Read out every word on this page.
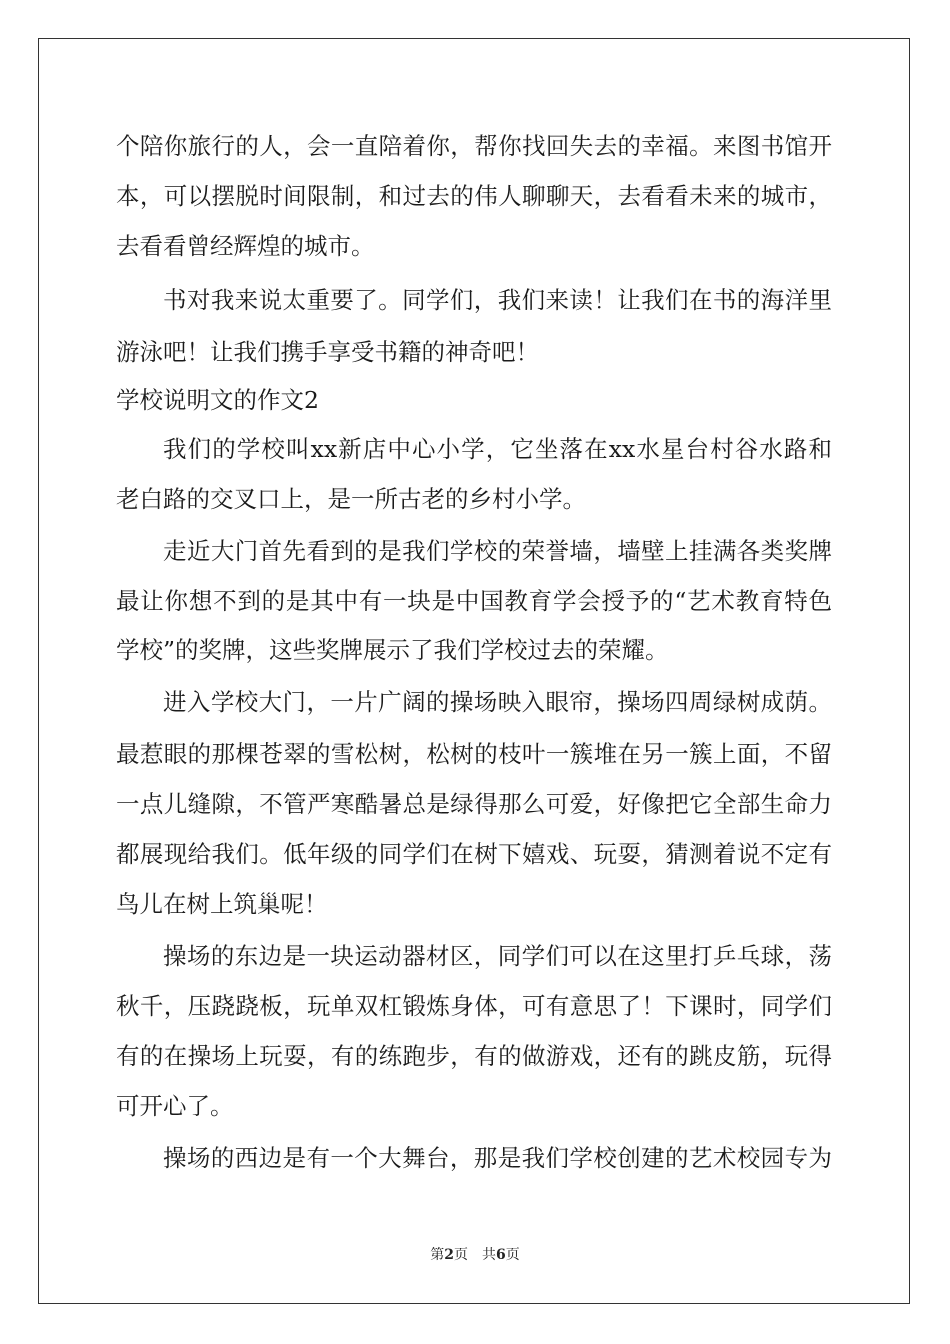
个陪你旅行的人，会一直陪着你，帮你找回失去的幸福。来图书馆开
本，可以摆脱时间限制，和过去的伟人聊聊天，去看看未来的城市，
去看看曾经辉煌的城市。
书对我来说太重要了。同学们，我们来读！让我们在书的海洋里
游泳吧！让我们携手享受书籍的神奇吧！
学校说明文的作文2
我们的学校叫xx新店中心小学，它坐落在xx水星台村谷水路和
老白路的交叉口上，是一所古老的乡村小学。
走近大门首先看到的是我们学校的荣誉墙，墙壁上挂满各类奖牌
最让你想不到的是其中有一块是中国教育学会授予的“艺术教育特色
学校”的奖牌，这些奖牌展示了我们学校过去的荣耀。
进入学校大门，一片广阔的操场映入眼帘，操场四周绿树成荫。
最惹眼的那棵苍翠的雪松树，松树的枝叶一簇堆在另一簇上面，不留
一点儿缝隙，不管严寒酷暑总是绿得那么可爱，好像把它全部生命力
都展现给我们。低年级的同学们在树下嬉戏、玩耍，猜测着说不定有
鸟儿在树上筑巢呢！
操场的东边是一块运动器材区，同学们可以在这里打乒乓球，荡
秋千，压跷跷板，玩单双杠锻炼身体，可有意思了！下课时，同学们
有的在操场上玩耍，有的练跑步，有的做游戏，还有的跳皮筋，玩得
可开心了。
操场的西边是有一个大舞台，那是我们学校创建的艺术校园专为
第2页　共6页
